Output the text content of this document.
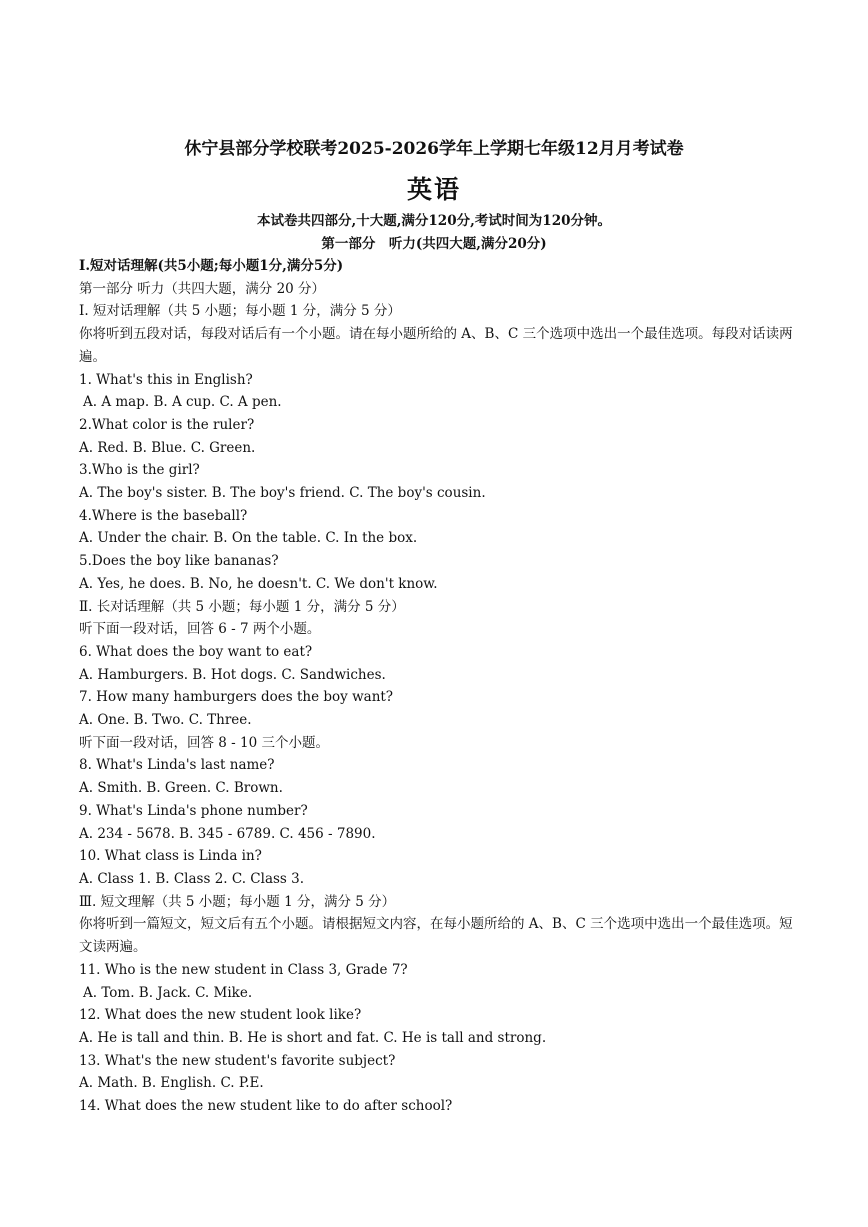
休宁县部分学校联考2025-2026学年上学期七年级12月月考试卷
英语
本试卷共四部分,十大题,满分120分,考试时间为120分钟。
第一部分　听力(共四大题,满分20分)

Ⅰ.短对话理解(共5小题;每小题1分,满分5分)

第一部分 听力（共四大题，满分 20 分）

Ⅰ. 短对话理解（共 5 小题；每小题 1 分，满分 5 分）

你将听到五段对话，每段对话后有一个小题。请在每小题所给的 A、B、C 三个选项中选出一个最佳选项。每段对话读两遍。

1. What's this in English?

A. A map. B. A cup. C. A pen.

2.What color is the ruler?

A. Red. B. Blue. C. Green.

3.Who is the girl?

A. The boy's sister. B. The boy's friend. C. The boy's cousin.

4.Where is the baseball?

A. Under the chair. B. On the table. C. In the box.

5.Does the boy like bananas?

A. Yes, he does. B. No, he doesn't. C. We don't know.

Ⅱ. 长对话理解（共 5 小题；每小题 1 分，满分 5 分）

听下面一段对话，回答 6 - 7 两个小题。

6. What does the boy want to eat?

A. Hamburgers. B. Hot dogs. C. Sandwiches.

7. How many hamburgers does the boy want?

A. One. B. Two. C. Three.

听下面一段对话，回答 8 - 10 三个小题。

8. What's Linda's last name?

A. Smith. B. Green. C. Brown.

9. What's Linda's phone number?

A. 234 - 5678. B. 345 - 6789. C. 456 - 7890.

10. What class is Linda in?

A. Class 1. B. Class 2. C. Class 3.

Ⅲ. 短文理解（共 5 小题；每小题 1 分，满分 5 分）

你将听到一篇短文，短文后有五个小题。请根据短文内容，在每小题所给的 A、B、C 三个选项中选出一个最佳选项。短文读两遍。

11. Who is the new student in Class 3, Grade 7?

A. Tom. B. Jack. C. Mike.

12. What does the new student look like?

A. He is tall and thin. B. He is short and fat. C. He is tall and strong.

13. What's the new student's favorite subject?

A. Math. B. English. C. P.E.

14. What does the new student like to do after school?
